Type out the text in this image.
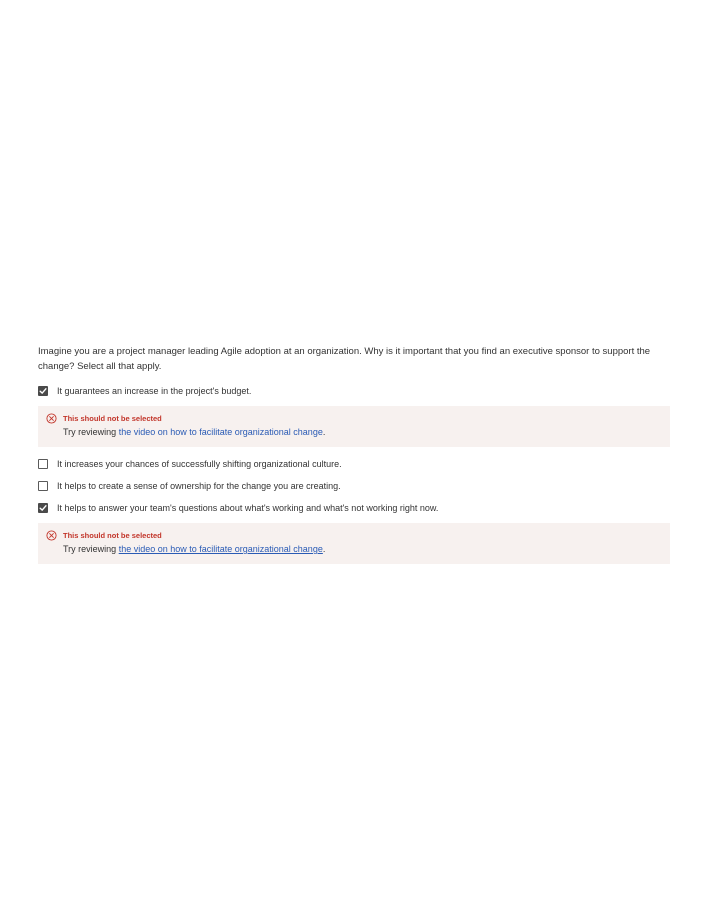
Imagine you are a project manager leading Agile adoption at an organization. Why is it important that you find an executive sponsor to support the change? Select all that apply.

It guarantees an increase in the project's budget.
This should not be selected
Try reviewing the video on how to facilitate organizational change.
It increases your chances of successfully shifting organizational culture.
It helps to create a sense of ownership for the change you are creating.
It helps to answer your team's questions about what's working and what's not working right now.
This should not be selected
Try reviewing the video on how to facilitate organizational change.
